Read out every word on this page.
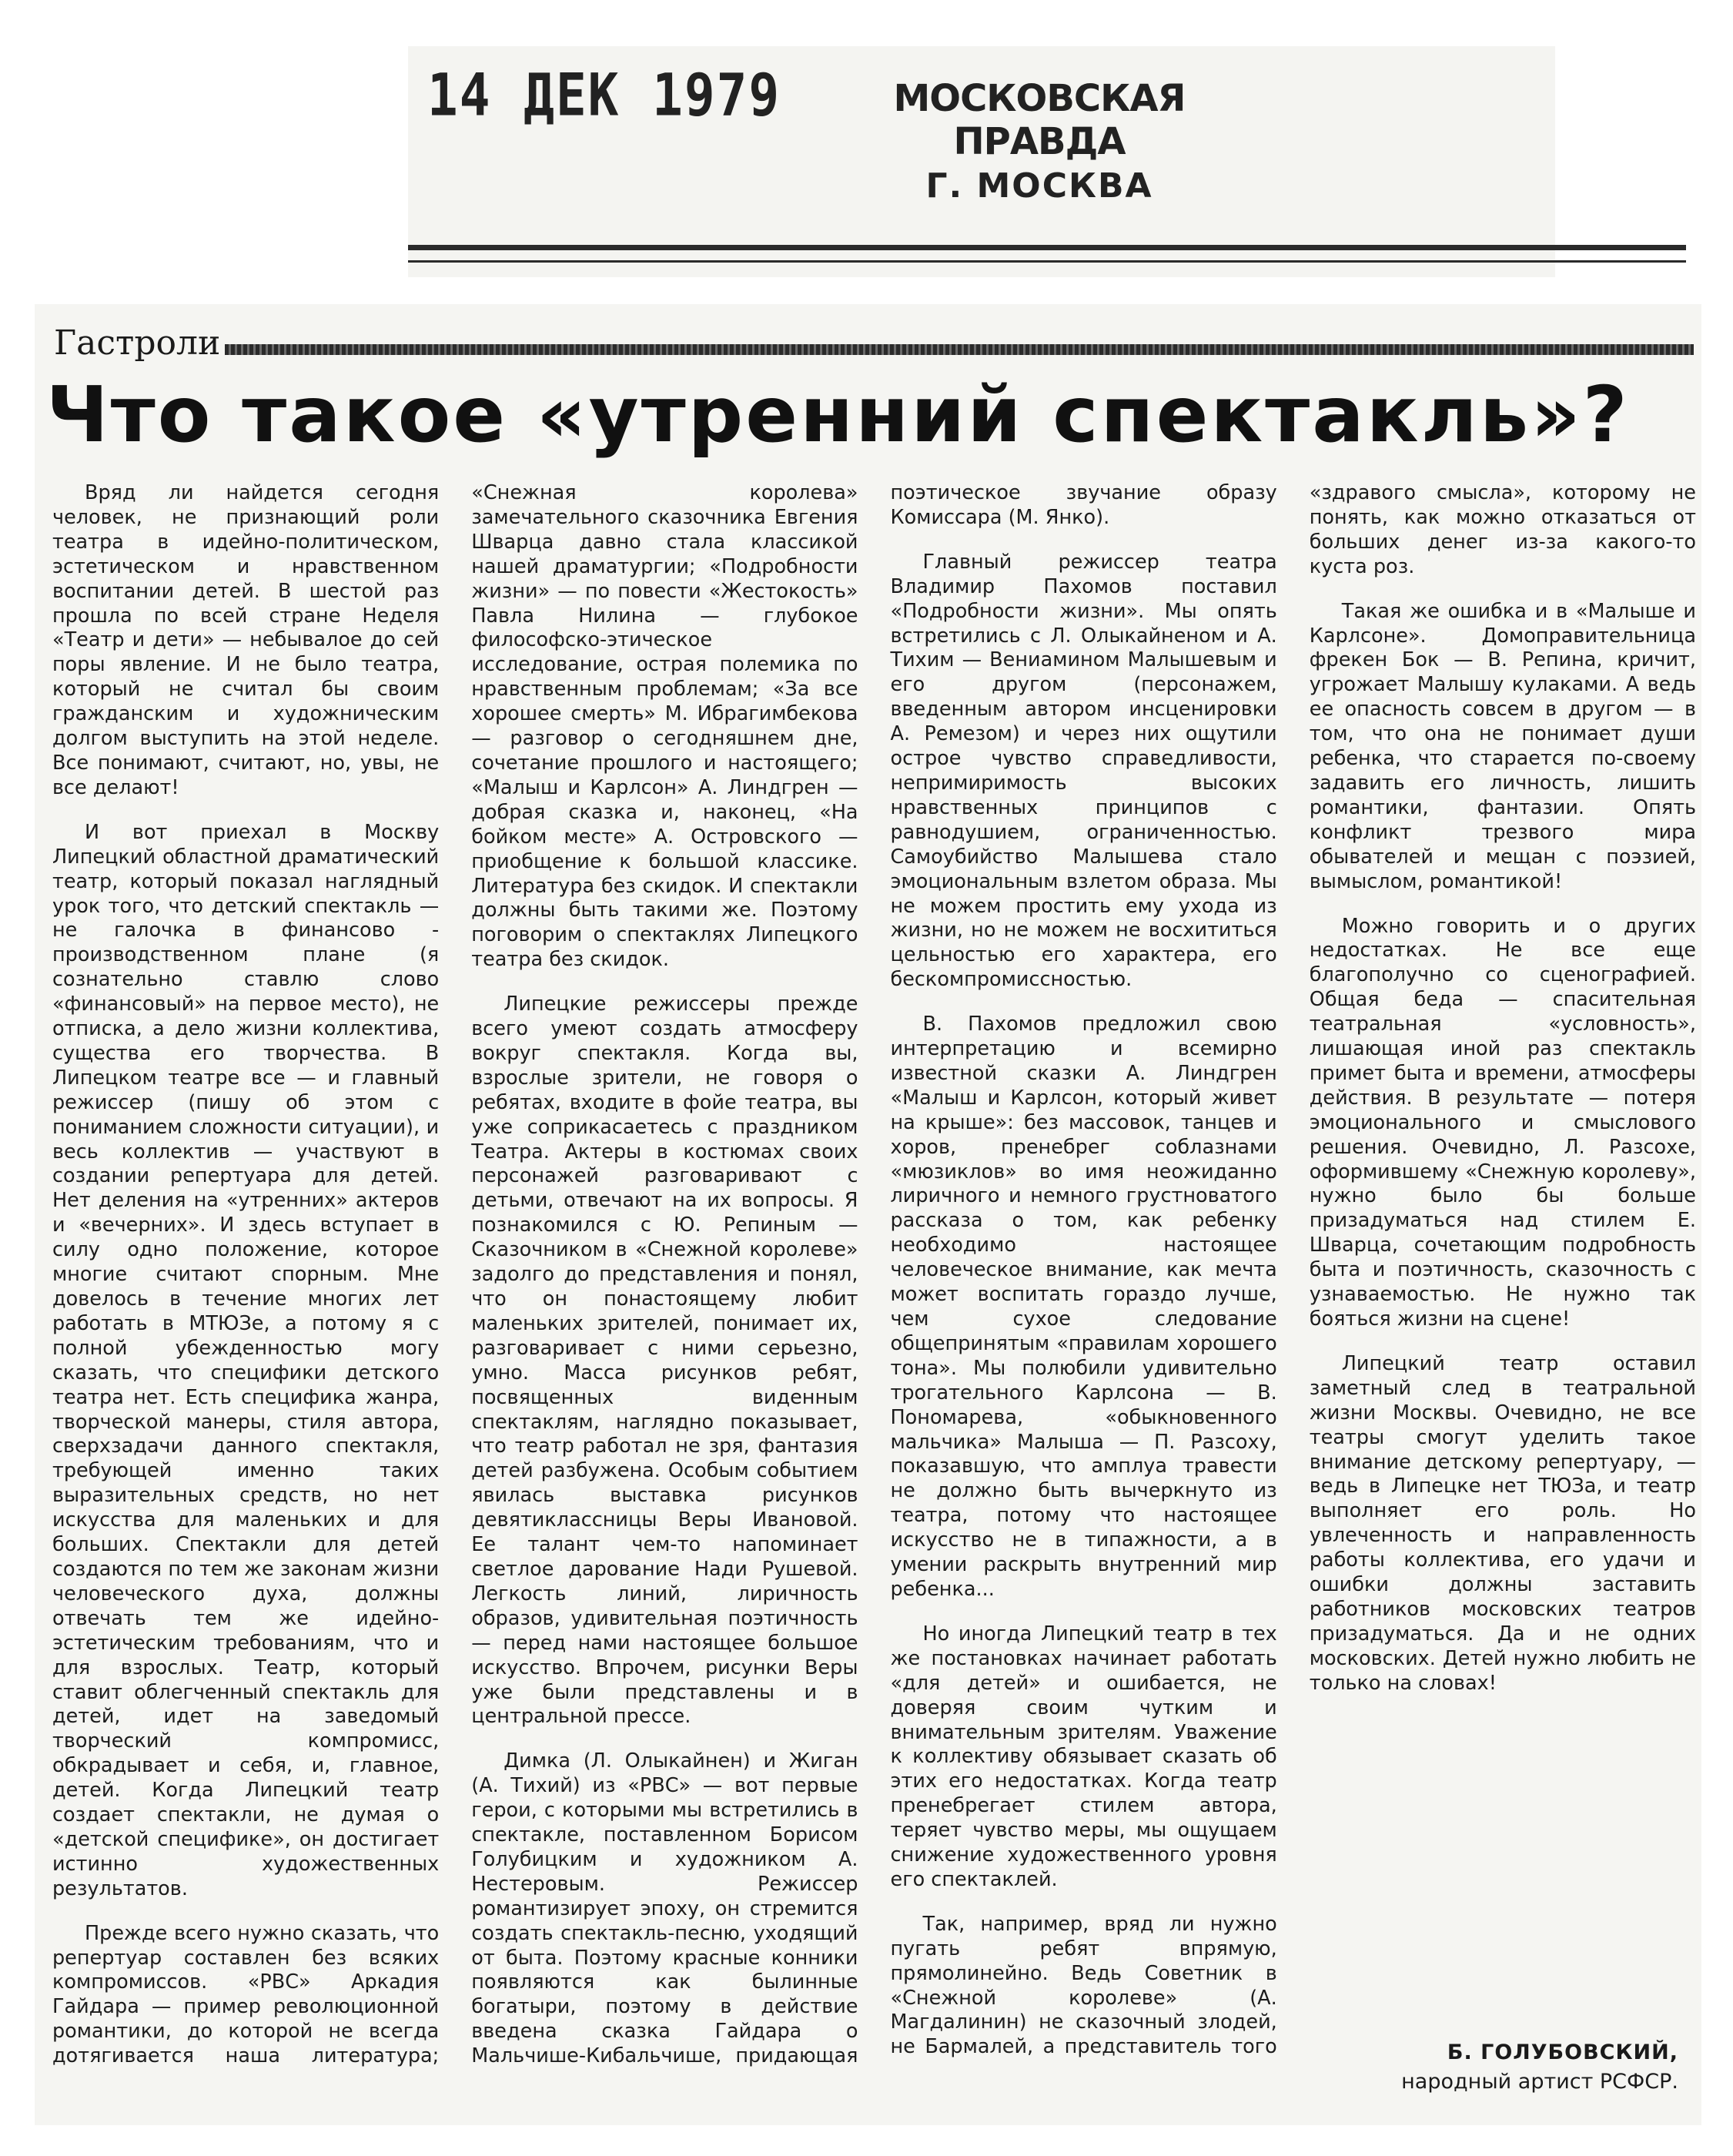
14 ДЕК 1979	МОСКОВСКАЯ ПРАВДА
Г. МОСКВА
Гастроли
Что такое «утренний спектакль»?

Вряд ли найдется сегодня человек, не признающий роли театра в идейно-политическом, эстетическом и нравственном воспитании детей. В шестой раз прошла по всей стране Неделя «Театр и дети» — небывалое до сей поры явление. И не было театра, который не считал бы своим гражданским и художническим долгом выступить на этой неделе. Все понимают, считают, но, увы, не все делают!

И вот приехал в Москву Липецкий областной драматический театр, который показал наглядный урок того, что детский спектакль — не галочка в финансово - производственном плане (я сознательно ставлю слово «финансовый» на первое место), не отписка, а дело жизни коллектива, существа его творчества. В Липецком театре все — и главный режиссер (пишу об этом с пониманием сложности ситуации), и весь коллектив — участвуют в создании репертуара для детей. Нет деления на «утренних» актеров и «вечерних». И здесь вступает в силу одно положение, которое многие считают спорным. Мне довелось в течение многих лет работать в МТЮЗе, а потому я с полной убежденностью могу сказать, что специфики детского театра нет. Есть специфика жанра, творческой манеры, стиля автора, сверхзадачи данного спектакля, требующей именно таких выразительных средств, но нет искусства для маленьких и для больших. Спектакли для детей создаются по тем же законам жизни человеческого духа, должны отвечать тем же идейно-эстетическим требованиям, что и для взрослых. Театр, который ставит облегченный спектакль для детей, идет на заведомый творческий компромисс, обкрадывает и себя, и, главное, детей. Когда Липецкий театр создает спектакли, не думая о «детской специфике», он достигает истинно художественных результатов.

Прежде всего нужно сказать, что репертуар составлен без всяких компромиссов. «РВС» Аркадия Гайдара — пример революционной романтики, до которой не всегда дотягивается наша литература; «Снежная королева» замечательного сказочника Евгения Шварца давно стала классикой нашей драматургии; «Подробности жизни» — по повести «Жестокость» Павла Нилина — глубокое философско-этическое исследование, острая полемика по нравственным проблемам; «За все хорошее смерть» М. Ибрагимбекова — разговор о сегодняшнем дне, сочетание прошлого и настоящего; «Малыш и Карлсон» А. Линдгрен — добрая сказка и, наконец, «На бойком месте» А. Островского — приобщение к большой классике. Литература без скидок. И спектакли должны быть такими же. Поэтому поговорим о спектаклях Липецкого театра без скидок.

Липецкие режиссеры прежде всего умеют создать атмосферу вокруг спектакля. Когда вы, взрослые зрители, не говоря о ребятах, входите в фойе театра, вы уже соприкасаетесь с праздником Театра. Актеры в костюмах своих персонажей разговаривают с детьми, отвечают на их вопросы. Я познакомился с Ю. Репиным — Сказочником в «Снежной королеве» задолго до представления и понял, что он понастоящему любит маленьких зрителей, понимает их, разговаривает с ними серьезно, умно. Масса рисунков ребят, посвященных виденным спектаклям, наглядно показывает, что театр работал не зря, фантазия детей разбужена. Особым событием явилась выставка рисунков девятиклассницы Веры Ивановой. Ее талант чем-то напоминает светлое дарование Нади Рушевой. Легкость линий, лиричность образов, удивительная поэтичность — перед нами настоящее большое искусство. Впрочем, рисунки Веры уже были представлены и в центральной прессе.

Димка (Л. Олыкайнен) и Жиган (А. Тихий) из «РВС» — вот первые герои, с которыми мы встретились в спектакле, поставленном Борисом Голубицким и художником А. Нестеровым. Режиссер романтизирует эпоху, он стремится создать спектакль-песню, уходящий от быта. Поэтому красные конники появляются как былинные богатыри, поэтому в действие введена сказка Гайдара о Мальчише-Кибальчише, придающая поэтическое звучание образу Комиссара (М. Янко).

Главный режиссер театра Владимир Пахомов поставил «Подробности жизни». Мы опять встретились с Л. Олыкайненом и А. Тихим — Вениамином Малышевым и его другом (персонажем, введенным автором инсценировки А. Ремезом) и через них ощутили острое чувство справедливости, непримиримость высоких нравственных принципов с равнодушием, ограниченностью. Самоубийство Малышева стало эмоциональным взлетом образа. Мы не можем простить ему ухода из жизни, но не можем не восхититься цельностью его характера, его бескомпромиссностью.

В. Пахомов предложил свою интерпретацию и всемирно известной сказки А. Линдгрен «Малыш и Карлсон, который живет на крыше»: без массовок, танцев и хоров, пренебрег соблазнами «мюзиклов» во имя неожиданно лиричного и немного грустноватого рассказа о том, как ребенку необходимо настоящее человеческое внимание, как мечта может воспитать гораздо лучше, чем сухое следование общепринятым «правилам хорошего тона». Мы полюбили удивительно трогательного Карлсона — В. Пономарева, «обыкновенного мальчика» Малыша — П. Разсоху, показавшую, что амплуа травести не должно быть вычеркнуто из театра, потому что настоящее искусство не в типажности, а в умении раскрыть внутренний мир ребенка...

Но иногда Липецкий театр в тех же постановках начинает работать «для детей» и ошибается, не доверяя своим чутким и внимательным зрителям. Уважение к коллективу обязывает сказать об этих его недостатках. Когда театр пренебрегает стилем автора, теряет чувство меры, мы ощущаем снижение художественного уровня его спектаклей.

Так, например, вряд ли нужно пугать ребят впрямую, прямолинейно. Ведь Советник в «Снежной королеве» (А. Магдалинин) не сказочный злодей, не Бармалей, а представитель того «здравого смысла», которому не понять, как можно отказаться от больших денег из-за какого-то куста роз.

Такая же ошибка и в «Малыше и Карлсоне». Домоправительница фрекен Бок — В. Репина, кричит, угрожает Малышу кулаками. А ведь ее опасность совсем в другом — в том, что она не понимает души ребенка, что старается по-своему задавить его личность, лишить романтики, фантазии. Опять конфликт трезвого мира обывателей и мещан с поэзией, вымыслом, романтикой!

Можно говорить и о других недостатках. Не все еще благополучно со сценографией. Общая беда — спасительная театральная «условность», лишающая иной раз спектакль примет быта и времени, атмосферы действия. В результате — потеря эмоционального и смыслового решения. Очевидно, Л. Разсохе, оформившему «Снежную королеву», нужно было бы больше призадуматься над стилем Е. Шварца, сочетающим подробность быта и поэтичность, сказочность с узнаваемостью. Не нужно так бояться жизни на сцене!

Липецкий театр оставил заметный след в театральной жизни Москвы. Очевидно, не все театры смогут уделить такое внимание детскому репертуару, — ведь в Липецке нет ТЮЗа, и театр выполняет его роль. Но увлеченность и направленность работы коллектива, его удачи и ошибки должны заставить работников московских театров призадуматься. Да и не одних московских. Детей нужно любить не только на словах!

Б. ГОЛУБОВСКИЙ,
народный артист РСФСР.
